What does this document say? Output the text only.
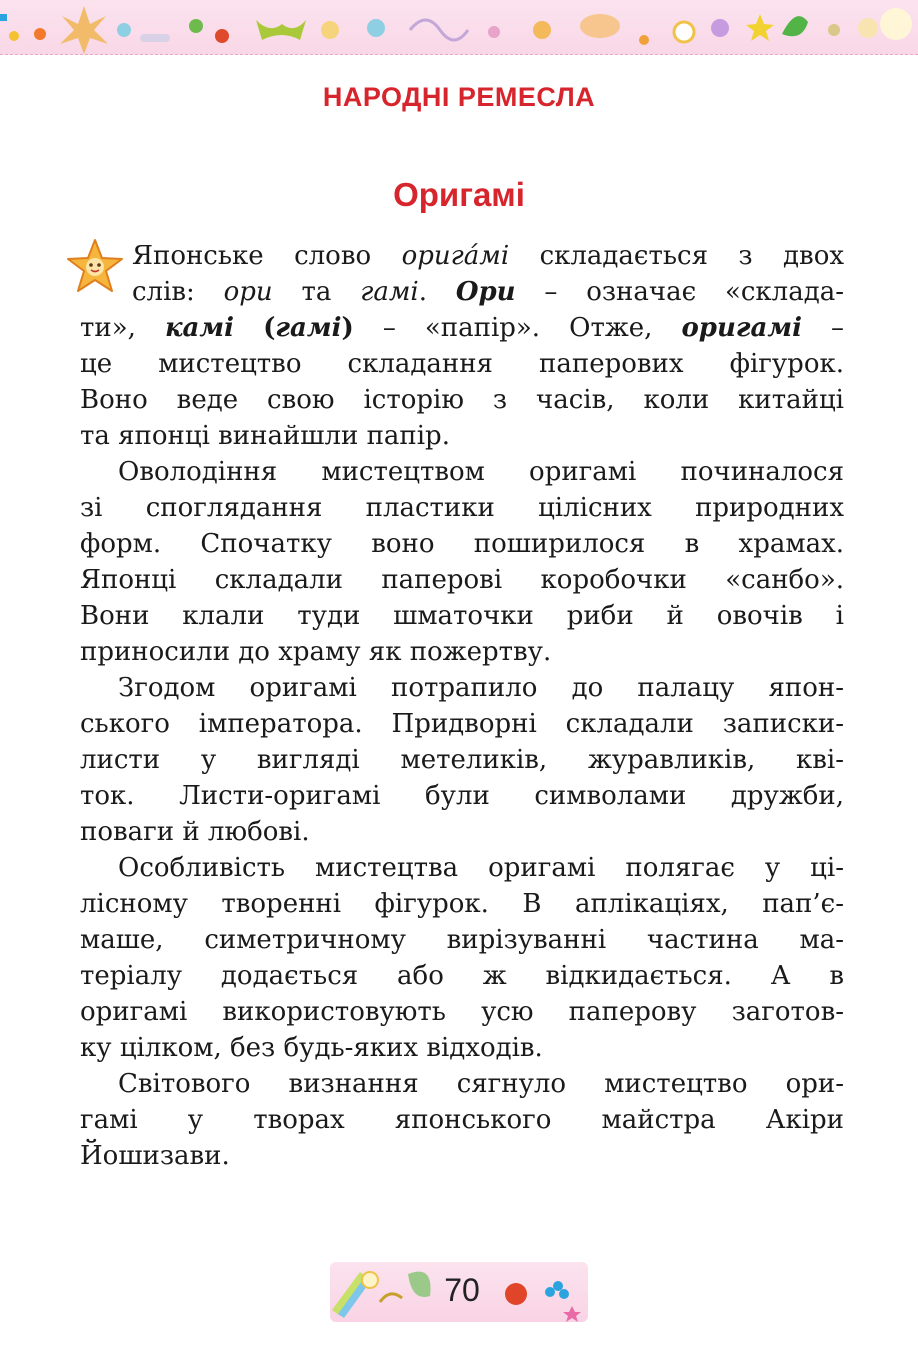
НАРОДНІ РЕМЕСЛА
Оригамі
Японське слово оригáмі складається з двох
слів: ори та гамі. Ори – означає «склада-
ти», камі (гамі) – «папір». Отже, оригамі –
це мистецтво складання паперових фігурок.
Воно веде свою історію з часів, коли китайці
та японці винайшли папір.
Оволодіння мистецтвом оригамі починалося
зі споглядання пластики цілісних природних
форм. Спочатку воно поширилося в храмах.
Японці складали паперові коробочки «санбо».
Вони клали туди шматочки риби й овочів і
приносили до храму як пожертву.
Згодом оригамі потрапило до палацу япон-
ського імператора. Придворні складали записки-
листи у вигляді метеликів, журавликів, кві-
ток. Листи-оригамі були символами дружби,
поваги й любові.
Особливість мистецтва оригамі полягає у ці-
лісному творенні фігурок. В аплікаціях, пап’є-
маше, симетричному вирізуванні частина ма-
теріалу додається або ж відкидається. А в
оригамі використовують усю паперову заготов-
ку цілком, без будь-яких відходів.
Світового визнання сягнуло мистецтво ори-
гамі у творах японського майстра Акіри
Йошизави.
70
